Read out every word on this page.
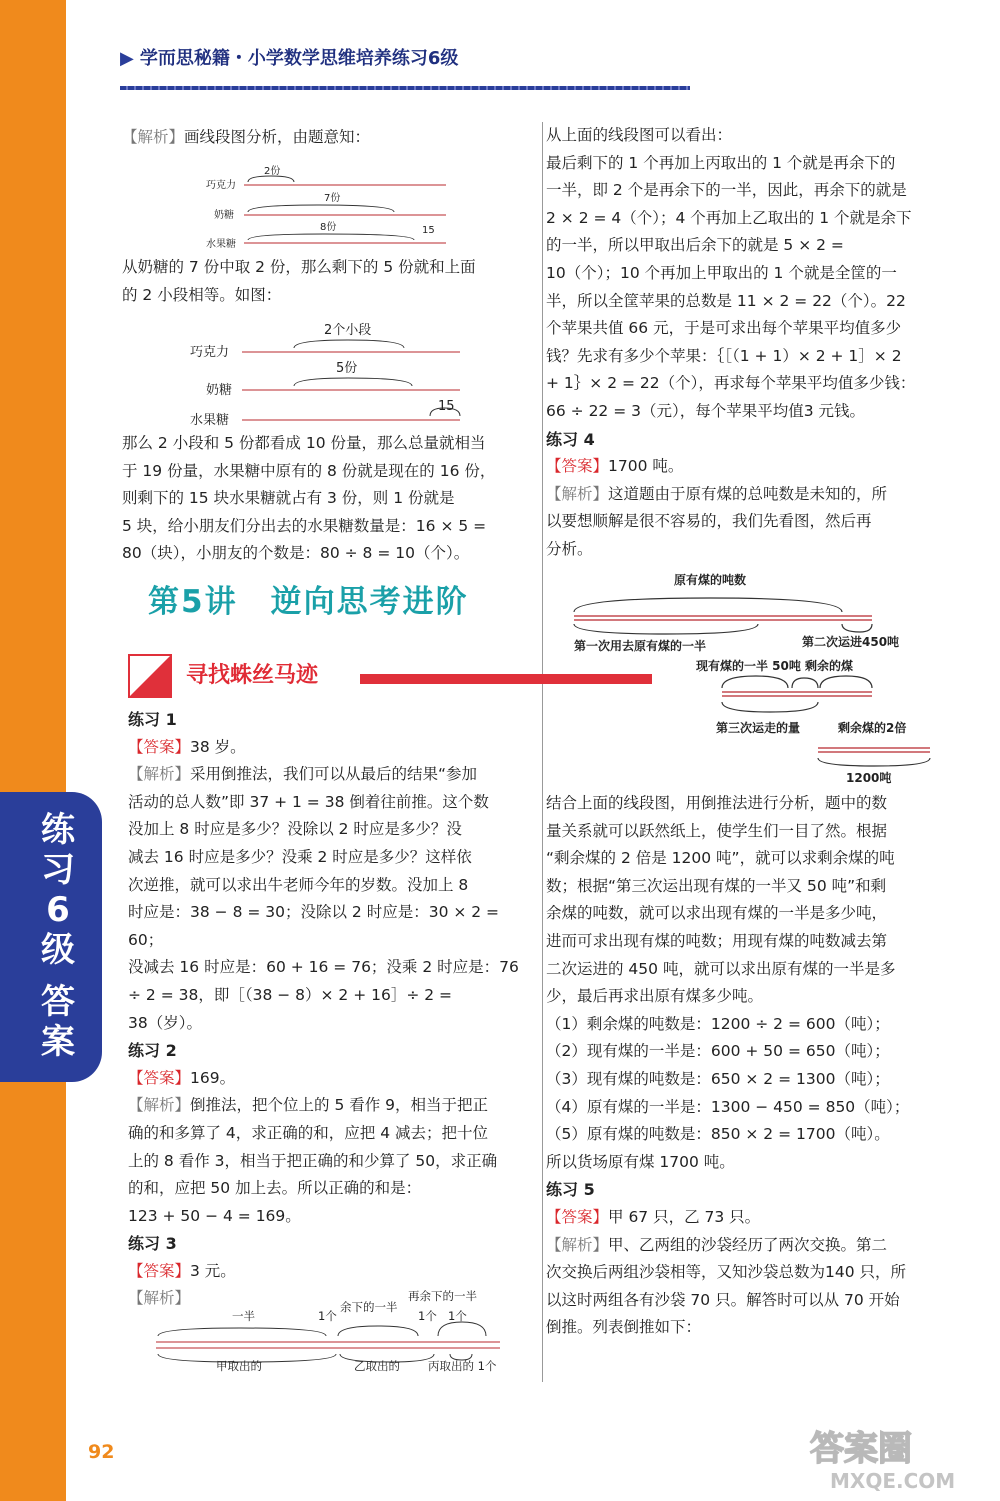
练习6级
答案
▶ 学而思秘籍・小学数学思维培养练习6级

【解析】画线段图分析，由题意知：

巧克力
奶糖
水果糖
2份
7份
8份	15

从奶糖的 7 份中取 2 份，那么剩下的 5 份就和上面

的 2 小段相等。如图：

巧克力
奶糖
水果糖
2个小段
5份
15

那么 2 小段和 5 份都看成 10 份量，那么总量就相当

于 19 份量，水果糖中原有的 8 份就是现在的 16 份，

则剩下的 15 块水果糖就占有 3 份，则 1 份就是

5 块，给小朋友们分出去的水果糖数量是：16 × 5 =

80（块），小朋友的个数是：80 ÷ 8 = 10（个）。

第5讲　逆向思考进阶
寻找蛛丝马迹

练习 1

【答案】38 岁。

【解析】采用倒推法，我们可以从最后的结果“参加

活动的总人数”即 37 + 1 = 38 倒着往前推。这个数

没加上 8 时应是多少？没除以 2 时应是多少？没

减去 16 时应是多少？没乘 2 时应是多少？这样依

次逆推，就可以求出牛老师今年的岁数。没加上 8

时应是：38 − 8 = 30；没除以 2 时应是：30 × 2 = 60；

没减去 16 时应是：60 + 16 = 76；没乘 2 时应是：76

÷ 2 = 38，即［（38 − 8）× 2 + 16］÷ 2 =

38（岁）。

练习 2

【答案】169。

【解析】倒推法，把个位上的 5 看作 9，相当于把正

确的和多算了 4，求正确的和，应把 4 减去；把十位

上的 8 看作 3，相当于把正确的和少算了 50，求正确

的和，应把 50 加上去。所以正确的和是：

123 + 50 − 4 = 169。

练习 3

【答案】3 元。

【解析】

一半	1个
余下的一半
1个
再余下的一半
1个
甲取出的	乙取出的 丙取出的 1个

从上面的线段图可以看出：

最后剩下的 1 个再加上丙取出的 1 个就是再余下的

一半，即 2 个是再余下的一半，因此，再余下的就是

2 × 2 = 4（个）；4 个再加上乙取出的 1 个就是余下

的一半，所以甲取出后余下的就是 5 × 2 =

10（个）；10 个再加上甲取出的 1 个就是全筐的一

半，所以全筐苹果的总数是 11 × 2 = 22（个）。22

个苹果共值 66 元，于是可求出每个苹果平均值多少

钱？先求有多少个苹果：｛［（1 + 1）× 2 + 1］× 2

+ 1｝× 2 = 22（个），再求每个苹果平均值多少钱：

66 ÷ 22 = 3（元），每个苹果平均值3 元钱。

练习 4

【答案】1700 吨。

【解析】这道题由于原有煤的总吨数是未知的，所

以要想顺解是很不容易的，我们先看图，然后再

分析。

原有煤的吨数
第一次用去原有煤的一半	第二次运进450吨
现有煤的一半 50吨 剩余的煤
第三次运走的量	剩余煤的2倍
1200吨

结合上面的线段图，用倒推法进行分析，题中的数

量关系就可以跃然纸上，使学生们一目了然。根据

“剩余煤的 2 倍是 1200 吨”，就可以求剩余煤的吨

数；根据“第三次运出现有煤的一半又 50 吨”和剩

余煤的吨数，就可以求出现有煤的一半是多少吨，

进而可求出现有煤的吨数；用现有煤的吨数减去第

二次运进的 450 吨，就可以求出原有煤的一半是多

少，最后再求出原有煤多少吨。

（1）剩余煤的吨数是：1200 ÷ 2 = 600（吨）；

（2）现有煤的一半是：600 + 50 = 650（吨）；

（3）现有煤的吨数是：650 × 2 = 1300（吨）；

（4）原有煤的一半是：1300 − 450 = 850（吨）；

（5）原有煤的吨数是：850 × 2 = 1700（吨）。

所以货场原有煤 1700 吨。

练习 5

【答案】甲 67 只，乙 73 只。

【解析】甲、乙两组的沙袋经历了两次交换。第二

次交换后两组沙袋相等，又知沙袋总数为140 只，所

以这时两组各有沙袋 70 只。解答时可以从 70 开始

倒推。列表倒推如下：

92	答案圈
MXQE.COM
